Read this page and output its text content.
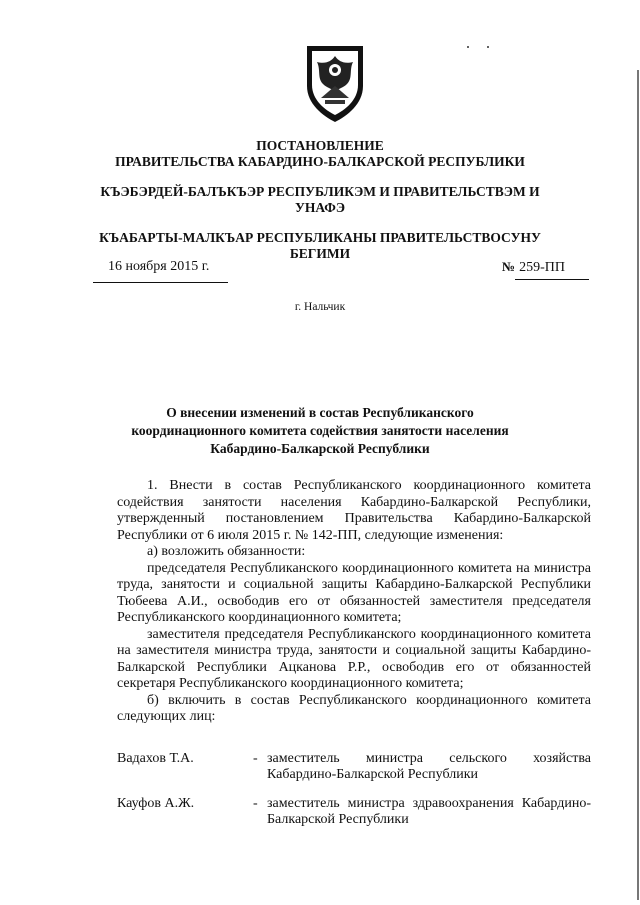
ПОСТАНОВЛЕНИЕ
ПРАВИТЕЛЬСТВА КАБАРДИНО-БАЛКАРСКОЙ РЕСПУБЛИКИ
КЪЭБЭРДЕЙ-БАЛЪКЪЭР РЕСПУБЛИКЭМ И ПРАВИТЕЛЬСТВЭМ И
УНАФЭ
КЪАБАРТЫ-МАЛКЪАР РЕСПУБЛИКАНЫ ПРАВИТЕЛЬСТВОСУНУ
БЕГИМИ
16 ноября 2015 г.	№ 259-ПП
г. Нальчик
О внесении изменений в состав Республиканского
координационного комитета содействия занятости населения
Кабардино-Балкарской Республики

1. Внести в состав Республиканского координационного комитета содействия занятости населения Кабардино-Балкарской Республики, утвержденный постановлением Правительства Кабардино-Балкарской Республики от 6 июля 2015 г. № 142-ПП, следующие изменения:

а) возложить обязанности:

председателя Республиканского координационного комитета на министра труда, занятости и социальной защиты Кабардино-Балкарской Республики Тюбеева А.И., освободив его от обязанностей заместителя председателя Республиканского координационного комитета;

заместителя председателя Республиканского координационного комитета на заместителя министра труда, занятости и социальной защиты Кабардино-Балкарской Республики Ацканова Р.Р., освободив его от обязанностей секретаря Республиканского координационного комитета;

б) включить в состав Республиканского координационного комитета следующих лиц:

Вадахов Т.А.	- заместитель министра сельского хозяйства Кабардино-Балкарской Республики
Кауфов А.Ж.	- заместитель министра здравоохранения Кабардино-Балкарской Республики
